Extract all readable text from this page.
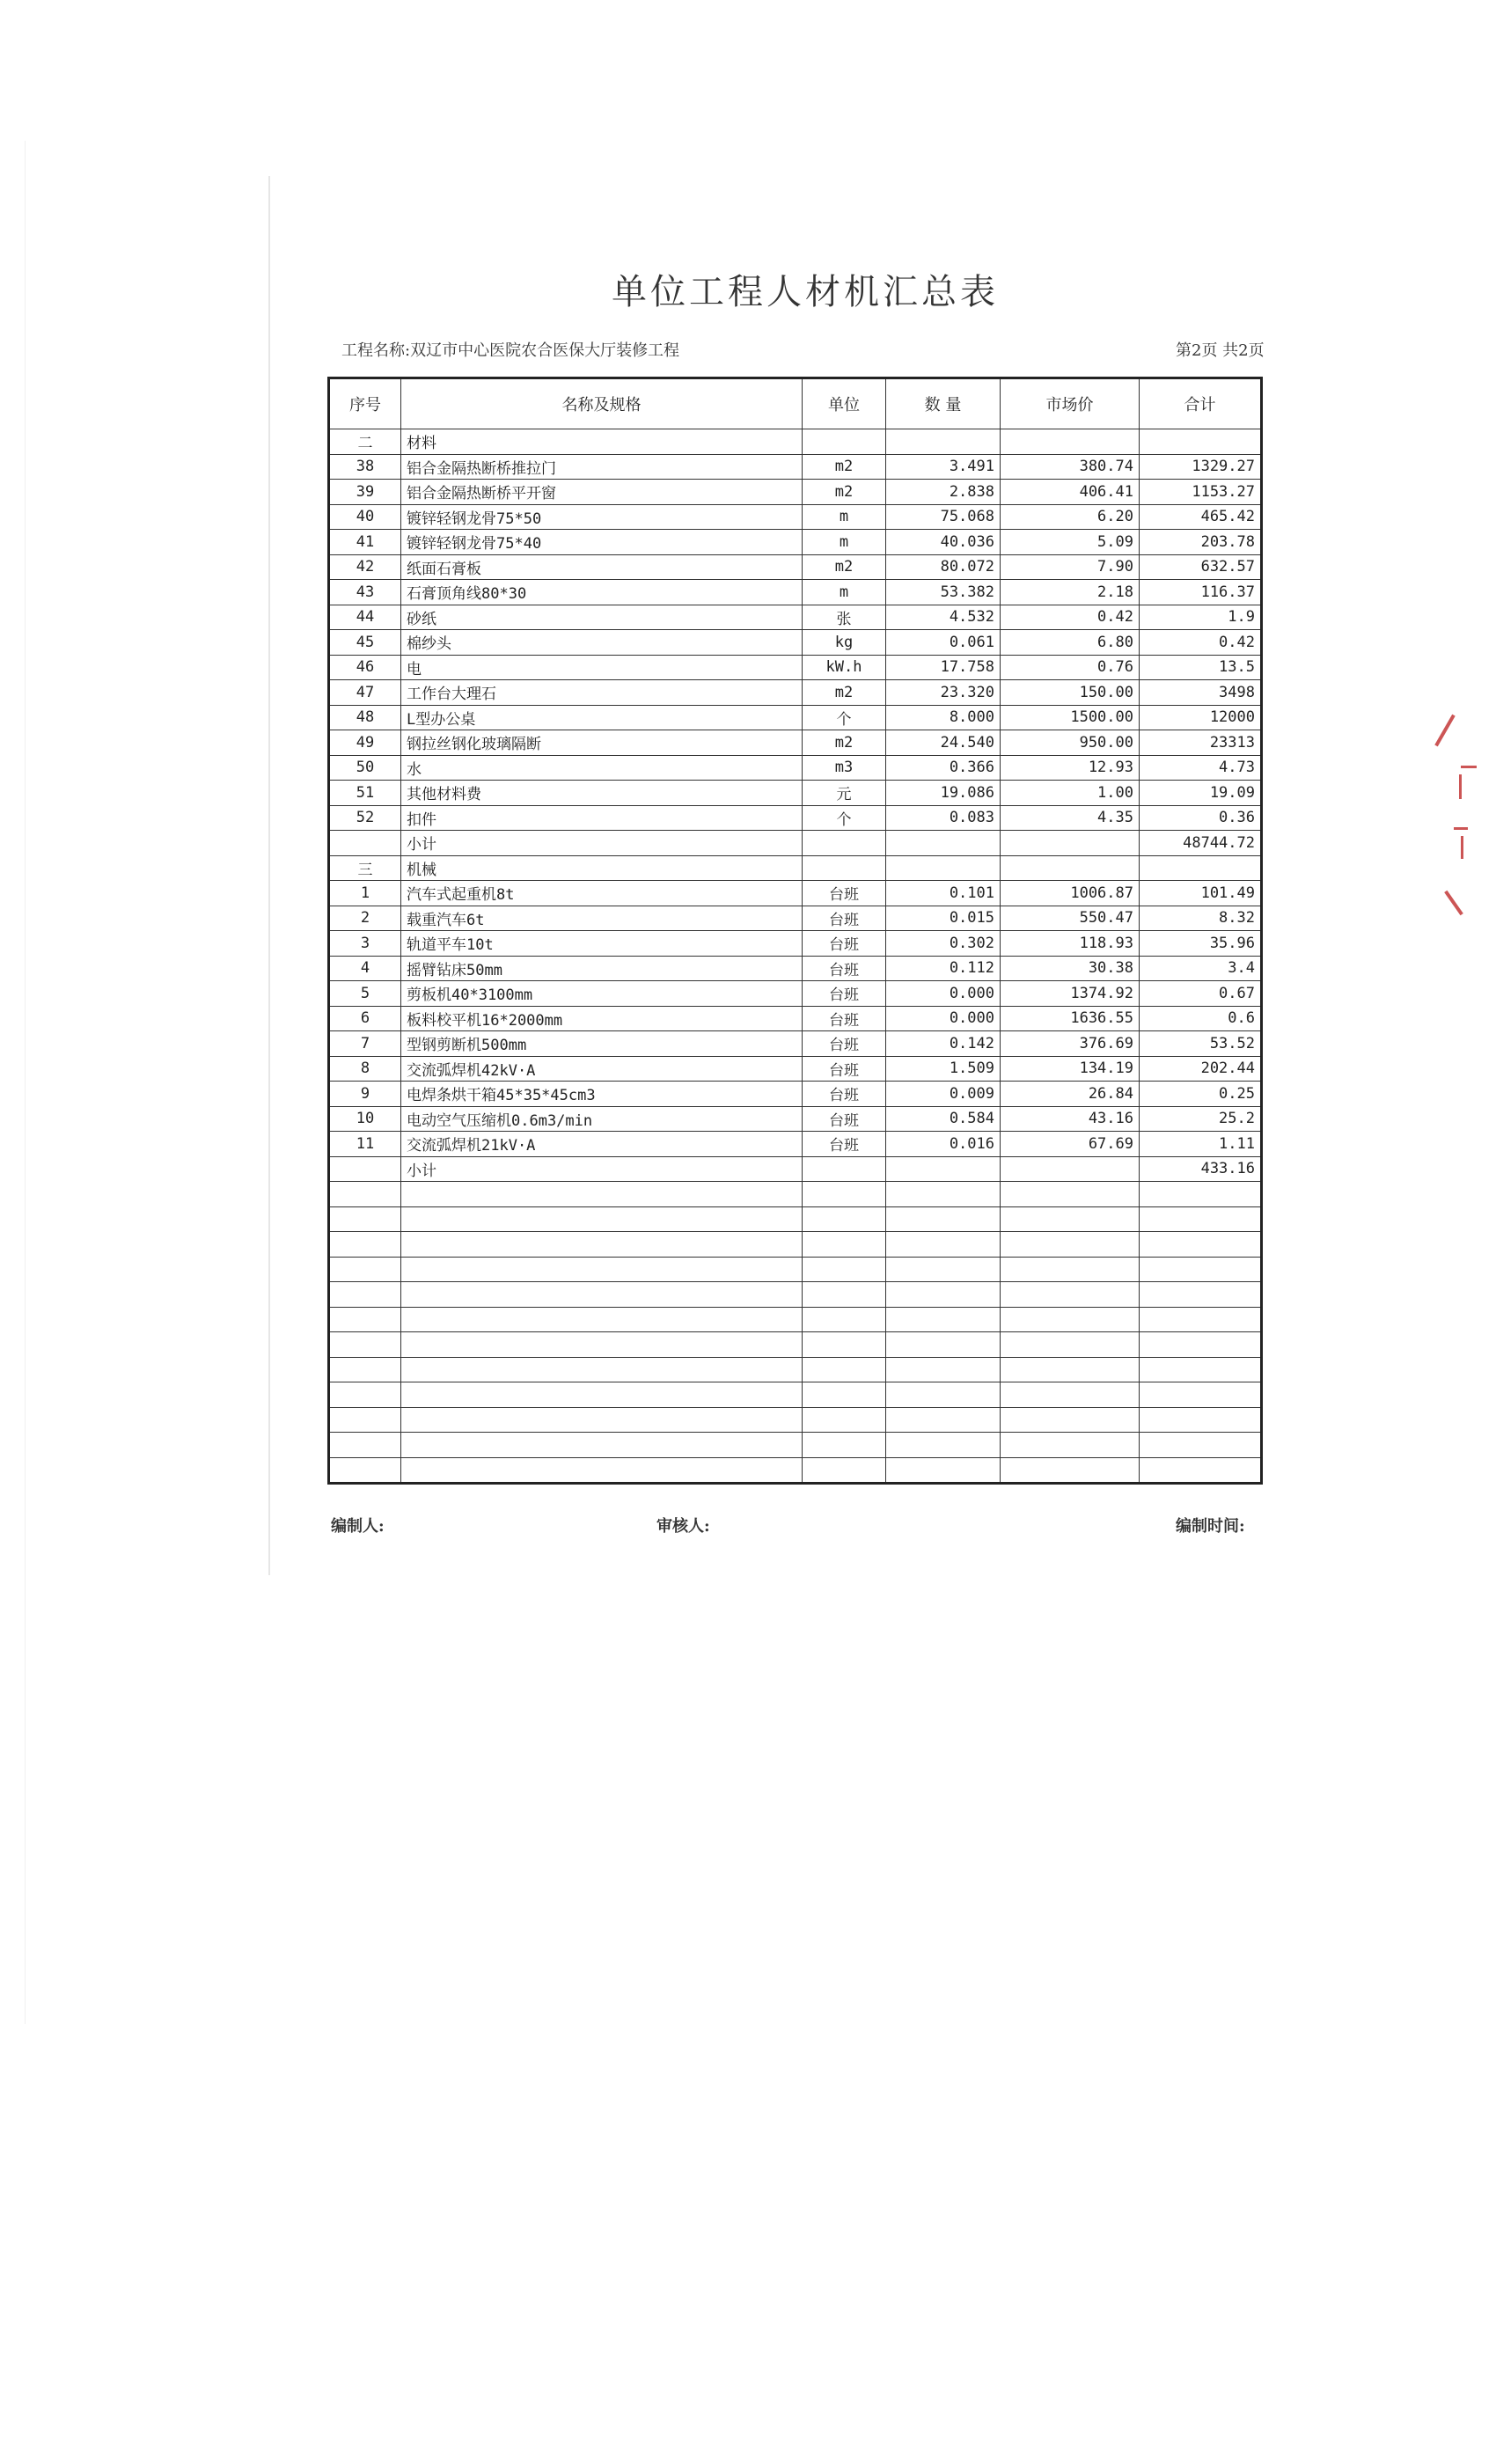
单位工程人材机汇总表
工程名称:双辽市中心医院农合医保大厅装修工程	第2页 共2页
序号	名称及规格	单位	数 量	市场价	合计
二	材料				
38	铝合金隔热断桥推拉门	m2	3.491	380.74	1329.27
39	铝合金隔热断桥平开窗	m2	2.838	406.41	1153.27
40	镀锌轻钢龙骨75*50	m	75.068	6.20	465.42
41	镀锌轻钢龙骨75*40	m	40.036	5.09	203.78
42	纸面石膏板	m2	80.072	7.90	632.57
43	石膏顶角线80*30	m	53.382	2.18	116.37
44	砂纸	张	4.532	0.42	1.9
45	棉纱头	kg	0.061	6.80	0.42
46	电	kW.h	17.758	0.76	13.5
47	工作台大理石	m2	23.320	150.00	3498
48	L型办公桌	个	8.000	1500.00	12000
49	钢拉丝钢化玻璃隔断	m2	24.540	950.00	23313
50	水	m3	0.366	12.93	4.73
51	其他材料费	元	19.086	1.00	19.09
52	扣件	个	0.083	4.35	0.36
	小计				48744.72
三	机械				
1	汽车式起重机8t	台班	0.101	1006.87	101.49
2	载重汽车6t	台班	0.015	550.47	8.32
3	轨道平车10t	台班	0.302	118.93	35.96
4	摇臂钻床50mm	台班	0.112	30.38	3.4
5	剪板机40*3100mm	台班	0.000	1374.92	0.67
6	板料校平机16*2000mm	台班	0.000	1636.55	0.6
7	型钢剪断机500mm	台班	0.142	376.69	53.52
8	交流弧焊机42kV·A	台班	1.509	134.19	202.44
9	电焊条烘干箱45*35*45cm3	台班	0.009	26.84	0.25
10	电动空气压缩机0.6m3/min	台班	0.584	43.16	25.2
11	交流弧焊机21kV·A	台班	0.016	67.69	1.11
	小计				433.16

编制人:	审核人:	编制时间:
